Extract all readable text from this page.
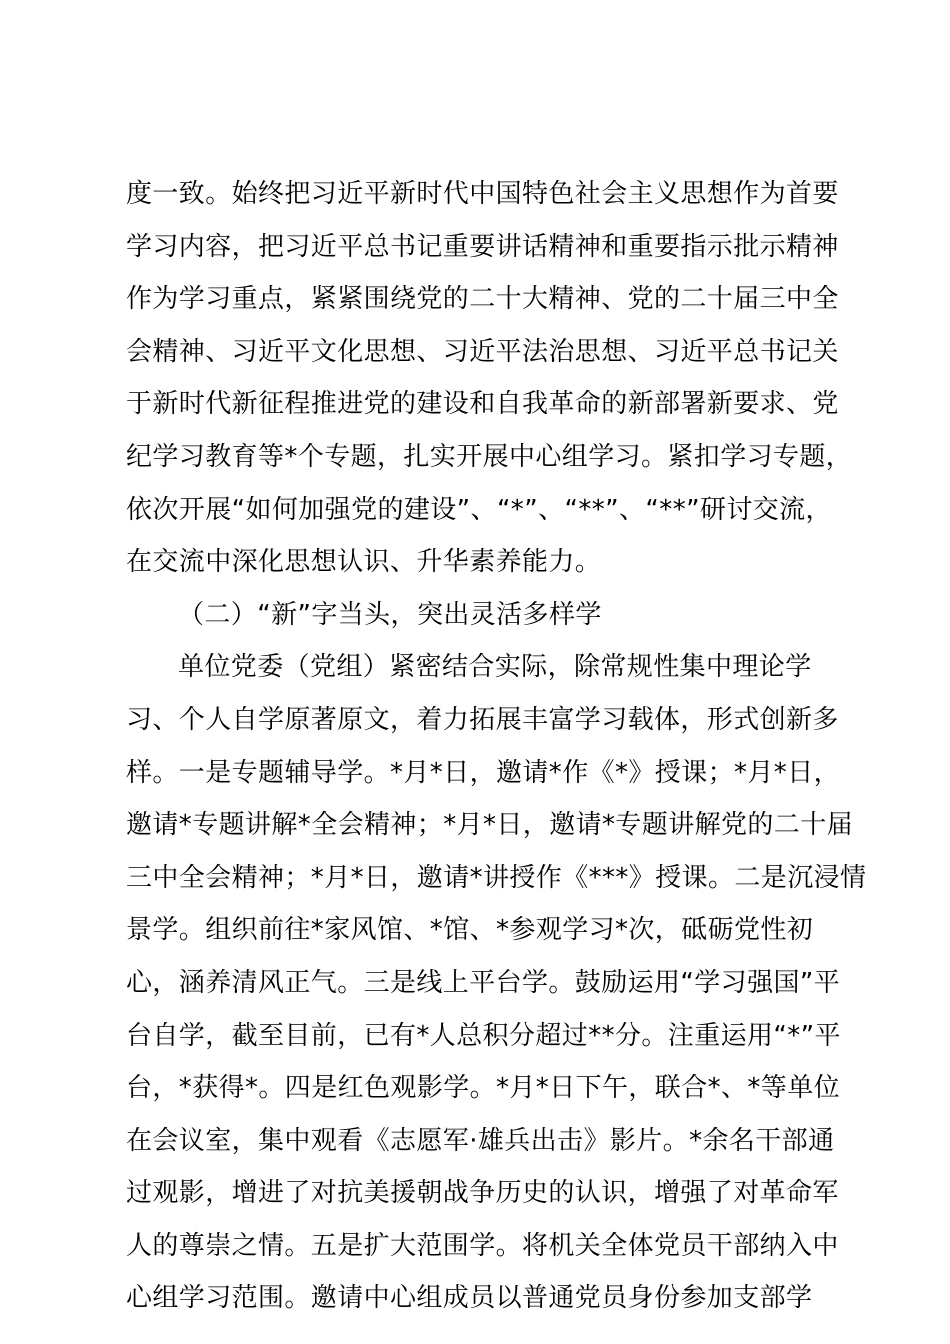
度一致。始终把习近平新时代中国特色社会主义思想作为首要
学习内容，把习近平总书记重要讲话精神和重要指示批示精神
作为学习重点，紧紧围绕党的二十大精神、党的二十届三中全
会精神、习近平文化思想、习近平法治思想、习近平总书记关
于新时代新征程推进党的建设和自我革命的新部署新要求、党
纪学习教育等*个专题，扎实开展中心组学习。紧扣学习专题，
依次开展“如何加强党的建设”、“*”、“**”、“**”研讨交流，
在交流中深化思想认识、升华素养能力。
（二）“新”字当头，突出灵活多样学
单位党委（党组）紧密结合实际，除常规性集中理论学
习、个人自学原著原文，着力拓展丰富学习载体，形式创新多
样。一是专题辅导学。*月*日，邀请*作《*》授课；*月*日，
邀请*专题讲解*全会精神；*月*日，邀请*专题讲解党的二十届
三中全会精神；*月*日，邀请*讲授作《***》授课。二是沉浸情
景学。组织前往*家风馆、*馆、*参观学习*次，砥砺党性初
心，涵养清风正气。三是线上平台学。鼓励运用“学习强国”平
台自学，截至目前，已有*人总积分超过**分。注重运用“*”平
台，*获得*。四是红色观影学。*月*日下午，联合*、*等单位
在会议室，集中观看《志愿军·雄兵出击》影片。*余名干部通
过观影，增进了对抗美援朝战争历史的认识，增强了对革命军
人的尊崇之情。五是扩大范围学。将机关全体党员干部纳入中
心组学习范围。邀请中心组成员以普通党员身份参加支部学
